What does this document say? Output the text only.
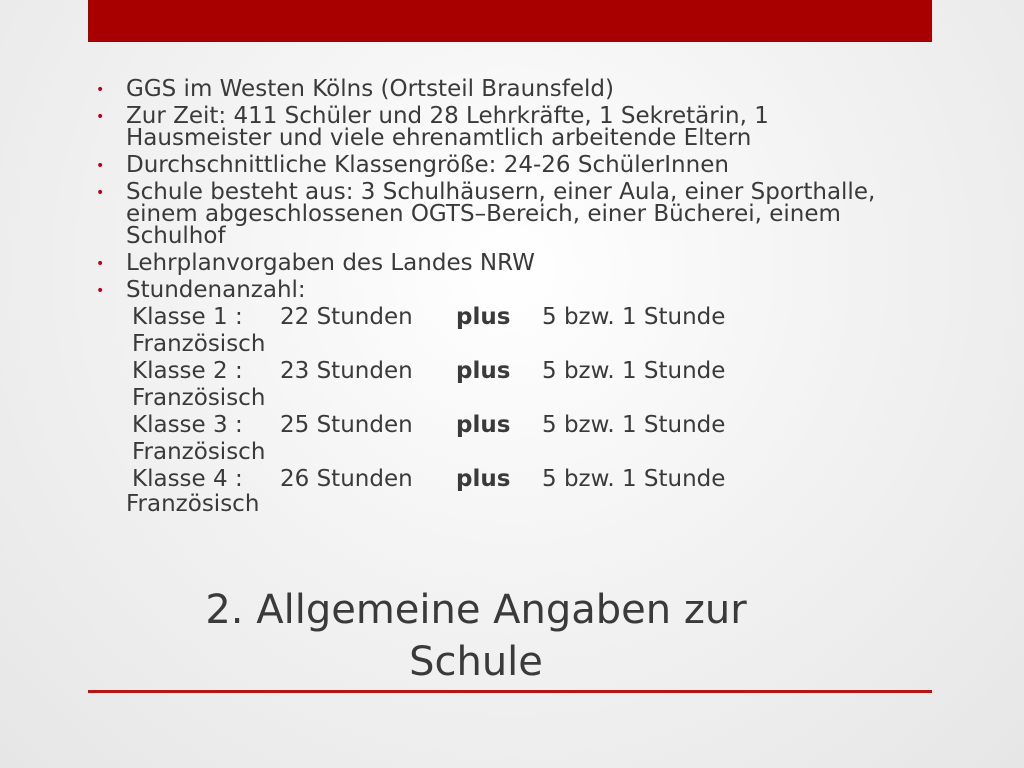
• GGS im Westen Kölns (Ortsteil Braunsfeld)
• Zur Zeit: 411 Schüler und 28 Lehrkräfte, 1 Sekretärin, 1 Hausmeister und viele ehrenamtlich arbeitende Eltern
• Durchschnittliche Klassengröße: 24-26 SchülerInnen
• Schule besteht aus: 3 Schulhäusern, einer Aula, einer Sporthalle, einem abgeschlossenen OGTS–Bereich, einer Bücherei, einem Schulhof
• Lehrplanvorgaben des Landes NRW
• Stundenanzahl:
Klasse 1 : 22 Stunden plus 5 bzw. 1 Stunde
Französisch
Klasse 2 : 23 Stunden plus 5 bzw. 1 Stunde
Französisch
Klasse 3 : 25 Stunden plus 5 bzw. 1 Stunde
Französisch
Klasse 4 : 26 Stunden plus 5 bzw. 1 Stunde
Französisch
2. Allgemeine Angaben zur
Schule
